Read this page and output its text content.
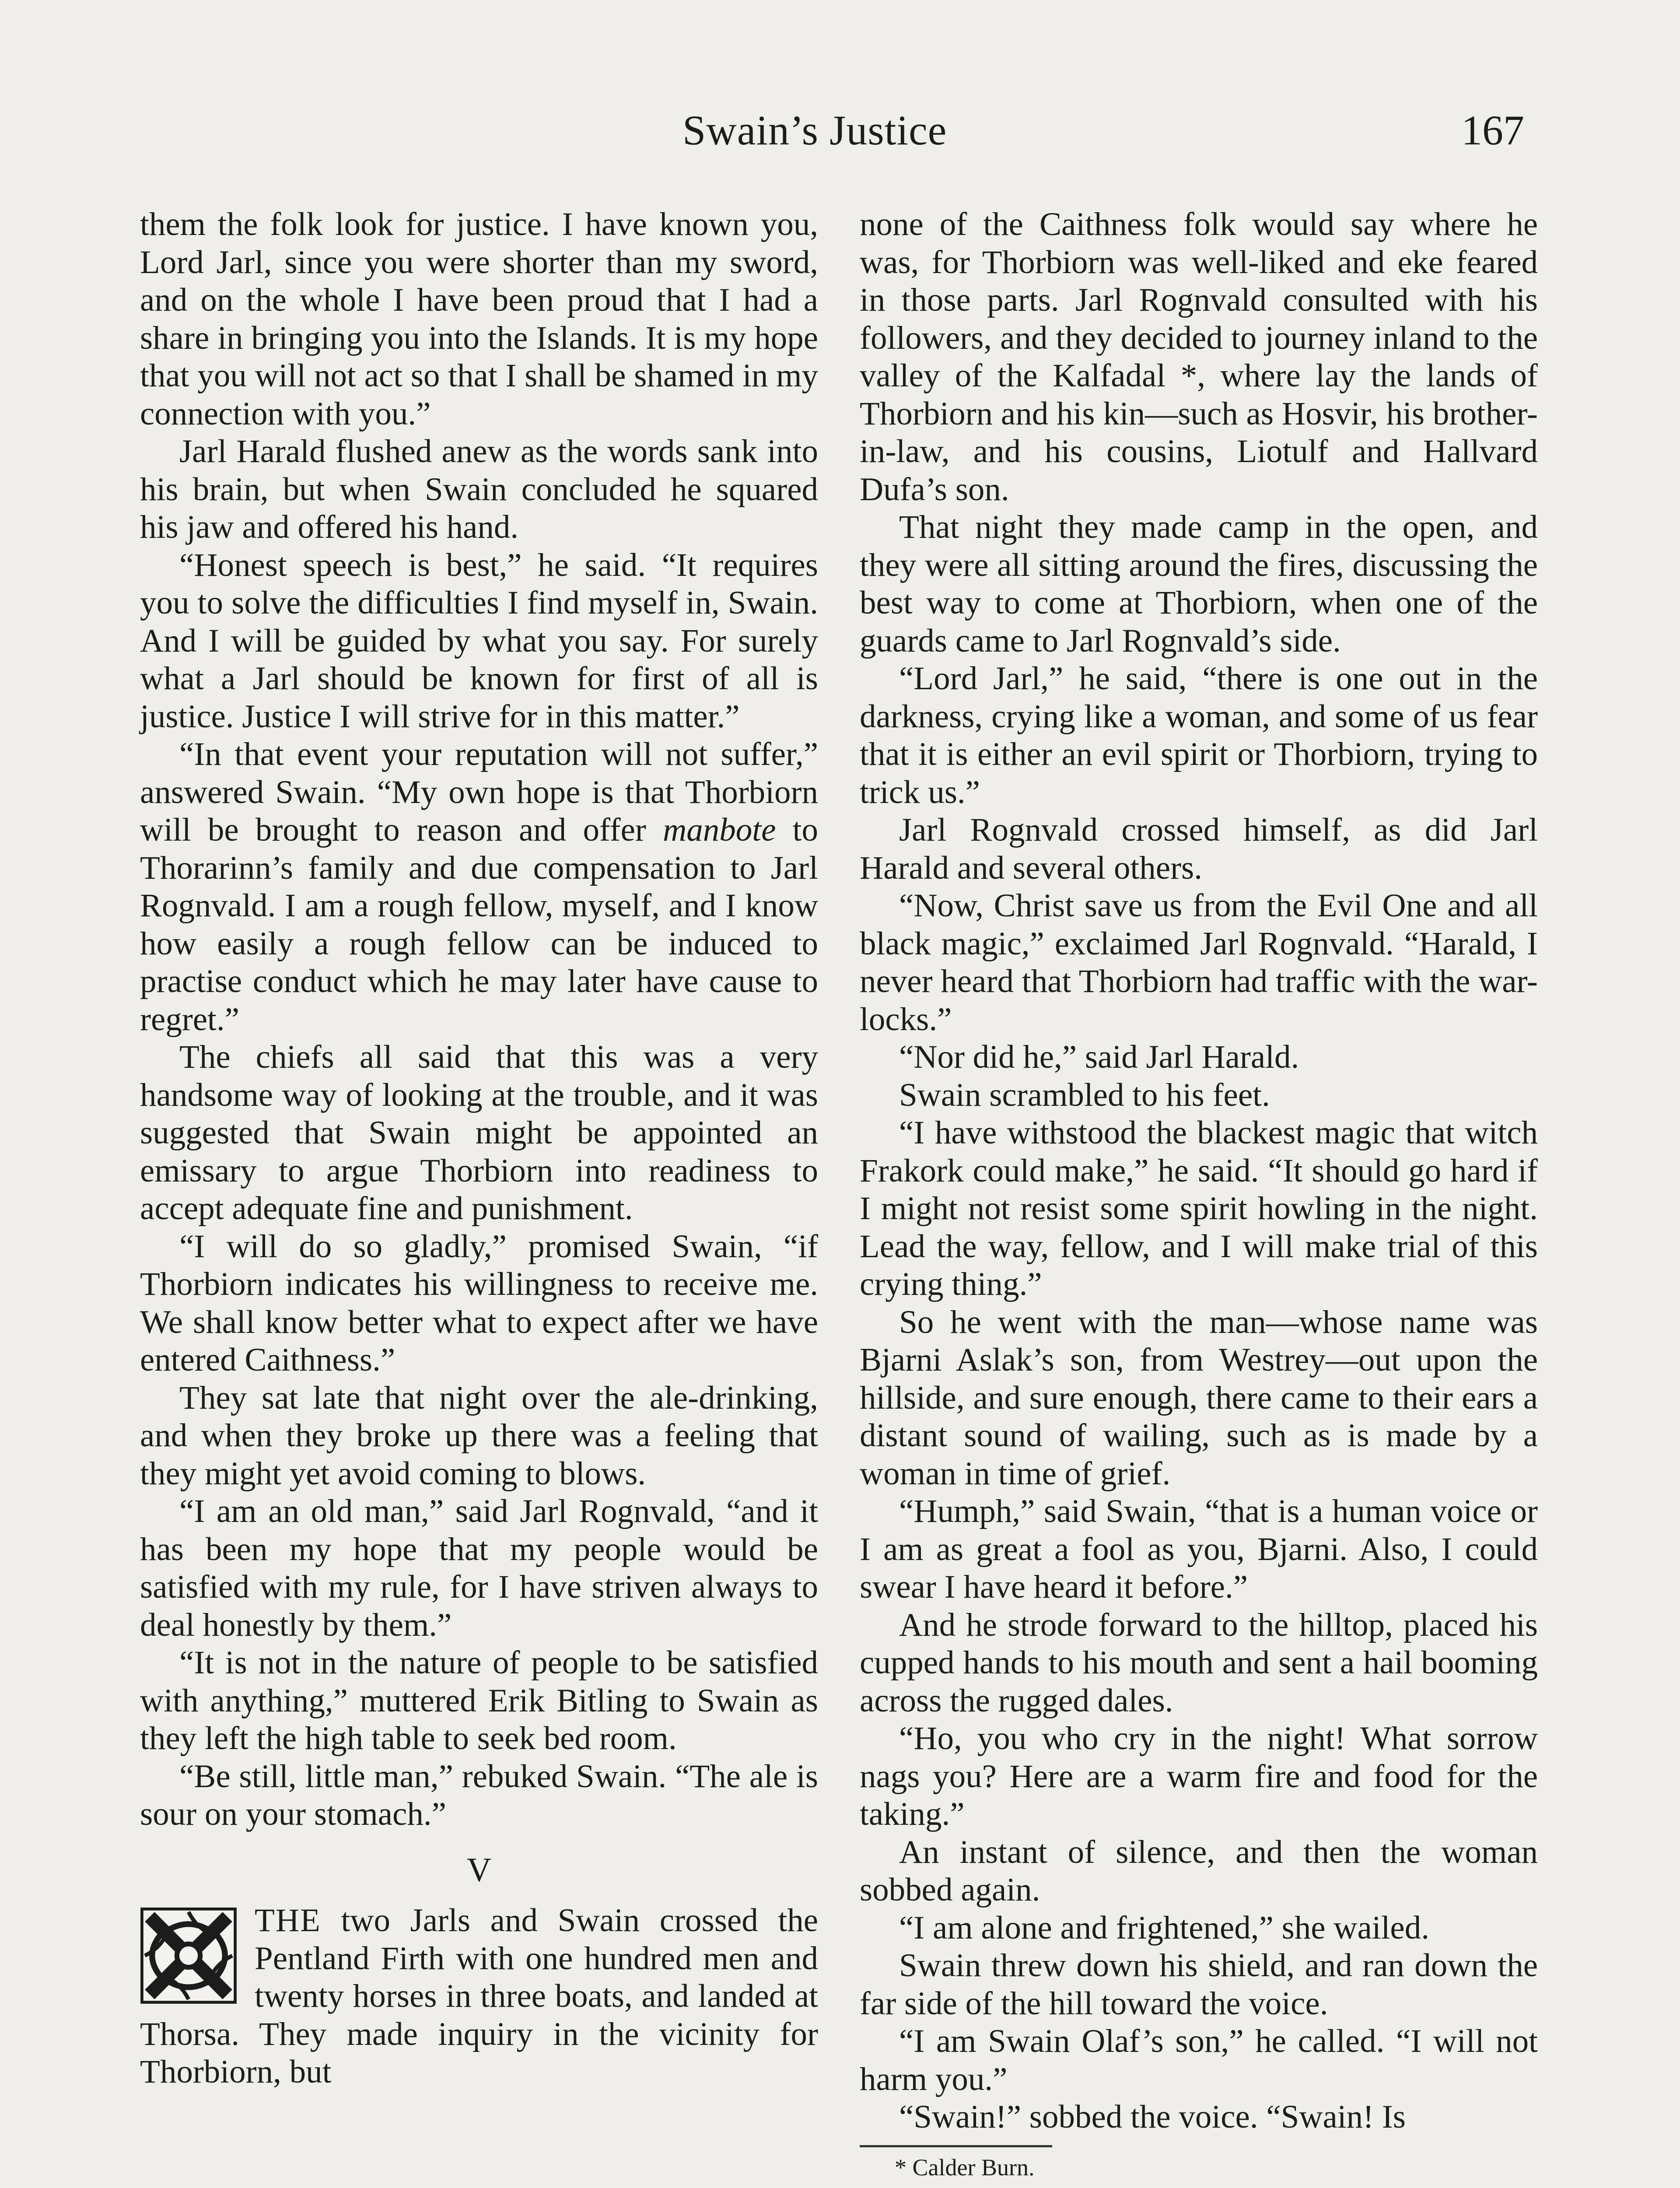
Swain’s Justice	167

them the folk look for justice. I have known you, Lord Jarl, since you were shorter than my sword, and on the whole I have been proud that I had a share in bringing you into the Islands. It is my hope that you will not act so that I shall be shamed in my connection with you.”

Jarl Harald flushed anew as the words sank into his brain, but when Swain concluded he squared his jaw and offered his hand.

“Honest speech is best,” he said. “It requires you to solve the difficulties I find myself in, Swain. And I will be guided by what you say. For surely what a Jarl should be known for first of all is justice. Justice I will strive for in this matter.”

“In that event your reputation will not suffer,” answered Swain. “My own hope is that Thorbiorn will be brought to reason and offer manbote to Thorarinn’s family and due compensation to Jarl Rognvald. I am a rough fellow, myself, and I know how easily a rough fellow can be induced to practise conduct which he may later have cause to regret.”

The chiefs all said that this was a very handsome way of looking at the trouble, and it was suggested that Swain might be appointed an emissary to argue Thorbiorn into readiness to accept adequate fine and punishment.

“I will do so gladly,” promised Swain, “if Thorbiorn indicates his willingness to receive me. We shall know better what to expect after we have entered Caithness.”

They sat late that night over the ale-drinking, and when they broke up there was a feeling that they might yet avoid coming to blows.

“I am an old man,” said Jarl Rognvald, “and it has been my hope that my people would be satisfied with my rule, for I have striven always to deal honestly by them.”

“It is not in the nature of people to be satisfied with anything,” muttered Erik Bitling to Swain as they left the high table to seek bed room.

“Be still, little man,” rebuked Swain. “The ale is sour on your stomach.”

V

THE two Jarls and Swain crossed the Pentland Firth with one hundred men and twenty horses in three boats, and landed at Thorsa. They made inquiry in the vicinity for Thorbiorn, but

none of the Caithness folk would say where he was, for Thorbiorn was well-liked and eke feared in those parts. Jarl Rognvald consulted with his followers, and they decided to journey inland to the valley of the Kalfadal *, where lay the lands of Thorbiorn and his kin—such as Hosvir, his brother-in-law, and his cousins, Liotulf and Hallvard Dufa’s son.

That night they made camp in the open, and they were all sitting around the fires, discussing the best way to come at Thorbiorn, when one of the guards came to Jarl Rognvald’s side.

“Lord Jarl,” he said, “there is one out in the darkness, crying like a woman, and some of us fear that it is either an evil spirit or Thorbiorn, trying to trick us.”

Jarl Rognvald crossed himself, as did Jarl Harald and several others.

“Now, Christ save us from the Evil One and all black magic,” exclaimed Jarl Rognvald. “Harald, I never heard that Thorbiorn had traffic with the war-locks.”

“Nor did he,” said Jarl Harald.

Swain scrambled to his feet.

“I have withstood the blackest magic that witch Frakork could make,” he said. “It should go hard if I might not resist some spirit howling in the night. Lead the way, fellow, and I will make trial of this crying thing.”

So he went with the man—whose name was Bjarni Aslak’s son, from Westrey—out upon the hillside, and sure enough, there came to their ears a distant sound of wailing, such as is made by a woman in time of grief.

“Humph,” said Swain, “that is a human voice or I am as great a fool as you, Bjarni. Also, I could swear I have heard it before.”

And he strode forward to the hilltop, placed his cupped hands to his mouth and sent a hail booming across the rugged dales.

“Ho, you who cry in the night! What sorrow nags you? Here are a warm fire and food for the taking.”

An instant of silence, and then the woman sobbed again.

“I am alone and frightened,” she wailed.

Swain threw down his shield, and ran down the far side of the hill toward the voice.

“I am Swain Olaf’s son,” he called. “I will not harm you.”

“Swain!” sobbed the voice. “Swain! Is

* Calder Burn.
